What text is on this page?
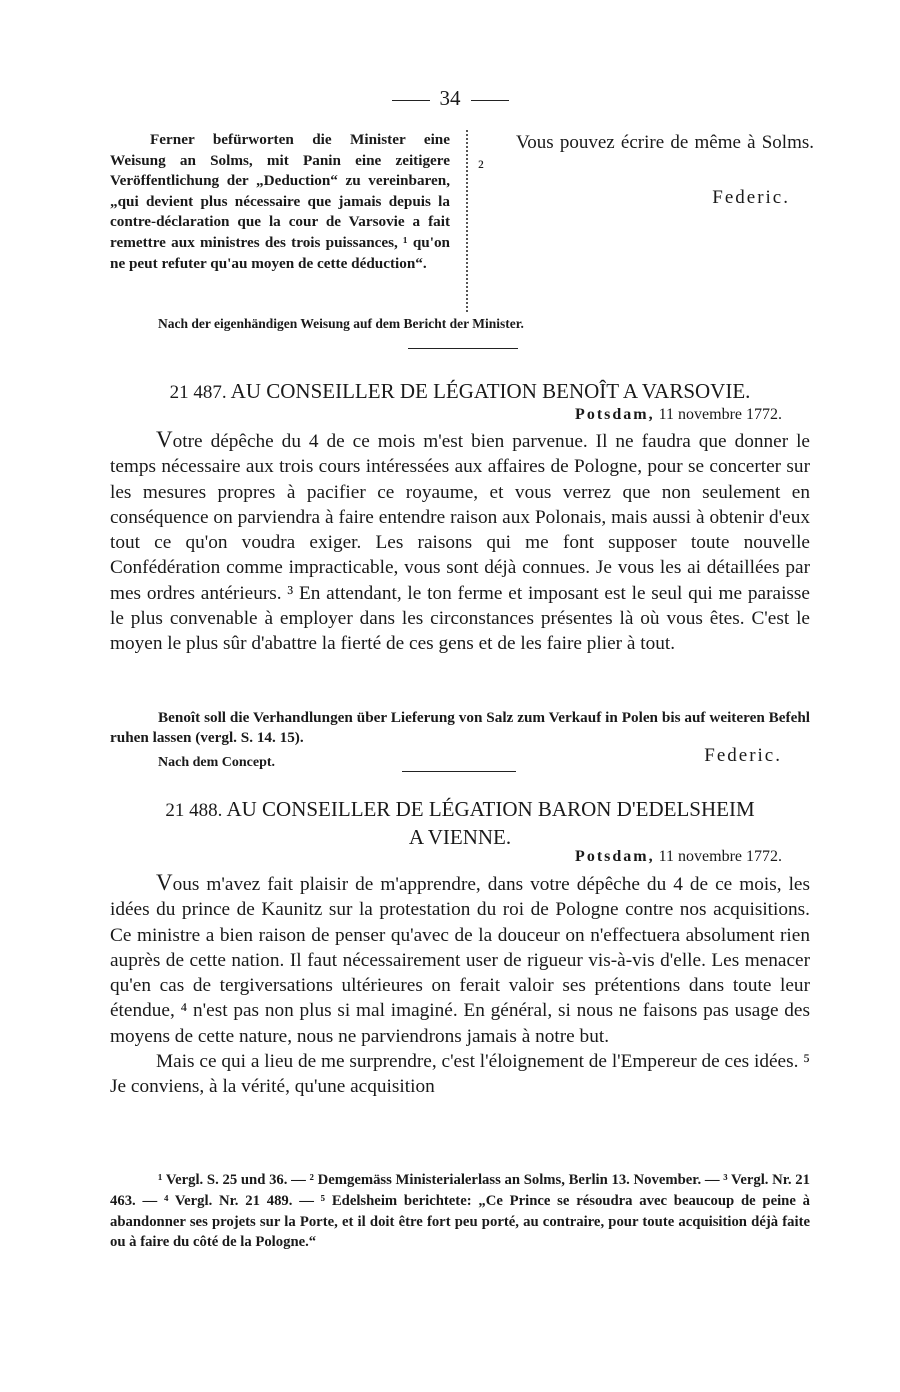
34

Ferner befürworten die Minister eine Weisung an Solms, mit Panin eine zeitigere Veröffentlichung der „Deduction“ zu vereinbaren, „qui devient plus nécessaire que jamais depuis la contre-déclaration que la cour de Varsovie a fait remettre aux ministres des trois puissances, ¹ qu'on ne peut refuter qu'au moyen de cette déduction“.

Vous pouvez écrire de même à Solms. ²
Federic.
Nach der eigenhändigen Weisung auf dem Bericht der Minister.
21 487. AU CONSEILLER DE LÉGATION BENOÎT A VARSOVIE.
Potsdam, 11 novembre 1772.

Votre dépêche du 4 de ce mois m'est bien parvenue. Il ne faudra que donner le temps nécessaire aux trois cours intéressées aux affaires de Pologne, pour se concerter sur les mesures propres à pacifier ce royaume, et vous verrez que non seulement en conséquence on parviendra à faire entendre raison aux Polonais, mais aussi à obtenir d'eux tout ce qu'on voudra exiger. Les raisons qui me font supposer toute nouvelle Confédération comme impracticable, vous sont déjà connues. Je vous les ai détaillées par mes ordres antérieurs. ³ En attendant, le ton ferme et imposant est le seul qui me paraisse le plus convenable à employer dans les circonstances présentes là où vous êtes. C'est le moyen le plus sûr d'abattre la fierté de ces gens et de les faire plier à tout.

Benoît soll die Verhandlungen über Lieferung von Salz zum Verkauf in Polen bis auf weiteren Befehl ruhen lassen (vergl. S. 14. 15).
Federic.
Nach dem Concept.
21 488. AU CONSEILLER DE LÉGATION BARON D'EDELSHEIM
A VIENNE.
Potsdam, 11 novembre 1772.

Vous m'avez fait plaisir de m'apprendre, dans votre dépêche du 4 de ce mois, les idées du prince de Kaunitz sur la protestation du roi de Pologne contre nos acquisitions. Ce ministre a bien raison de penser qu'avec de la douceur on n'effectuera absolument rien auprès de cette nation. Il faut nécessairement user de rigueur vis-à-vis d'elle. Les menacer qu'en cas de tergiversations ultérieures on ferait valoir ses prétentions dans toute leur étendue, ⁴ n'est pas non plus si mal imaginé. En général, si nous ne faisons pas usage des moyens de cette nature, nous ne parviendrons jamais à notre but.

Mais ce qui a lieu de me surprendre, c'est l'éloignement de l'Empereur de ces idées. ⁵ Je conviens, à la vérité, qu'une acquisition

¹ Vergl. S. 25 und 36. — ² Demgemäss Ministerialerlass an Solms, Berlin 13. November. — ³ Vergl. Nr. 21 463. — ⁴ Vergl. Nr. 21 489. — ⁵ Edelsheim berichtete: „Ce Prince se résoudra avec beaucoup de peine à abandonner ses projets sur la Porte, et il doit être fort peu porté, au contraire, pour toute acquisition déjà faite ou à faire du côté de la Pologne.“
